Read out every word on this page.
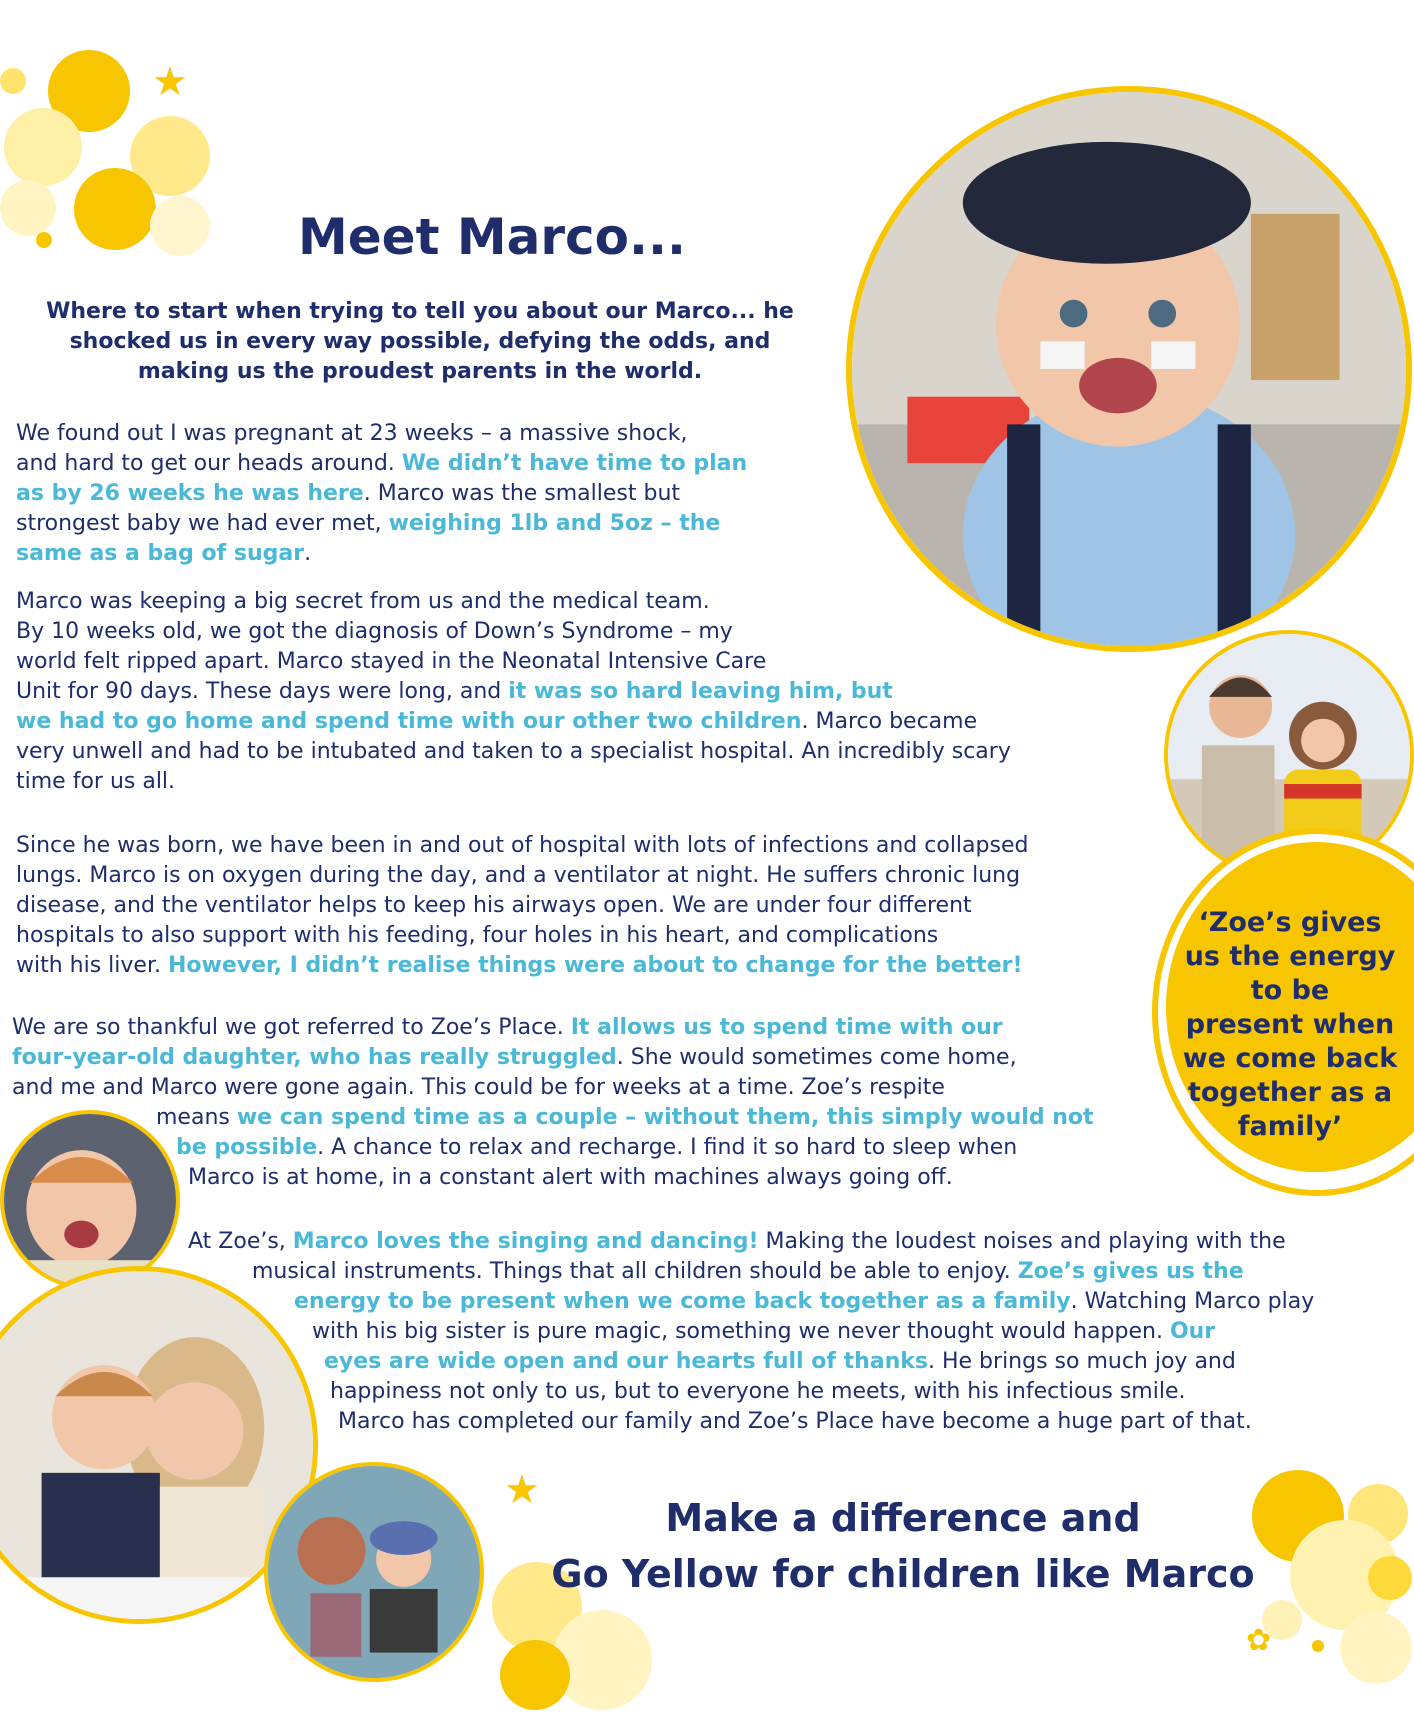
★
Meet Marco...
Where to start when trying to tell you about our Marco... he
shocked us in every way possible, defying the odds, and
making us the proudest parents in the world.

We found out I was pregnant at 23 weeks – a massive shock,

and hard to get our heads around. We didn’t have time to plan

as by 26 weeks he was here. Marco was the smallest but

strongest baby we had ever met, weighing 1lb and 5oz – the

same as a bag of sugar.

Marco was keeping a big secret from us and the medical team.

By 10 weeks old, we got the diagnosis of Down’s Syndrome – my

world felt ripped apart. Marco stayed in the Neonatal Intensive Care

Unit for 90 days. These days were long, and it was so hard leaving him, but

we had to go home and spend time with our other two children. Marco became

very unwell and had to be intubated and taken to a specialist hospital. An incredibly scary

time for us all.

Since he was born, we have been in and out of hospital with lots of infections and collapsed

lungs. Marco is on oxygen during the day, and a ventilator at night. He suffers chronic lung

disease, and the ventilator helps to keep his airways open. We are under four different

hospitals to also support with his feeding, four holes in his heart, and complications

with his liver. However, I didn’t realise things were about to change for the better!

We are so thankful we got referred to Zoe’s Place. It allows us to spend time with our

four-year-old daughter, who has really struggled. She would sometimes come home,

and me and Marco were gone again. This could be for weeks at a time. Zoe’s respite

means we can spend time as a couple – without them, this simply would not

be possible. A chance to relax and recharge. I find it so hard to sleep when

Marco is at home, in a constant alert with machines always going off.

At Zoe’s, Marco loves the singing and dancing! Making the loudest noises and playing with the

musical instruments. Things that all children should be able to enjoy. Zoe’s gives us the

energy to be present when we come back together as a family. Watching Marco play

with his big sister is pure magic, something we never thought would happen. Our

eyes are wide open and our hearts full of thanks. He brings so much joy and

happiness not only to us, but to everyone he meets, with his infectious smile.

Marco has completed our family and Zoe’s Place have become a huge part of that.

‘Zoe’s gives
us the energy
to be
present when
we come back
together as a
family’
✿
★
Make a difference and
Go Yellow for children like Marco
